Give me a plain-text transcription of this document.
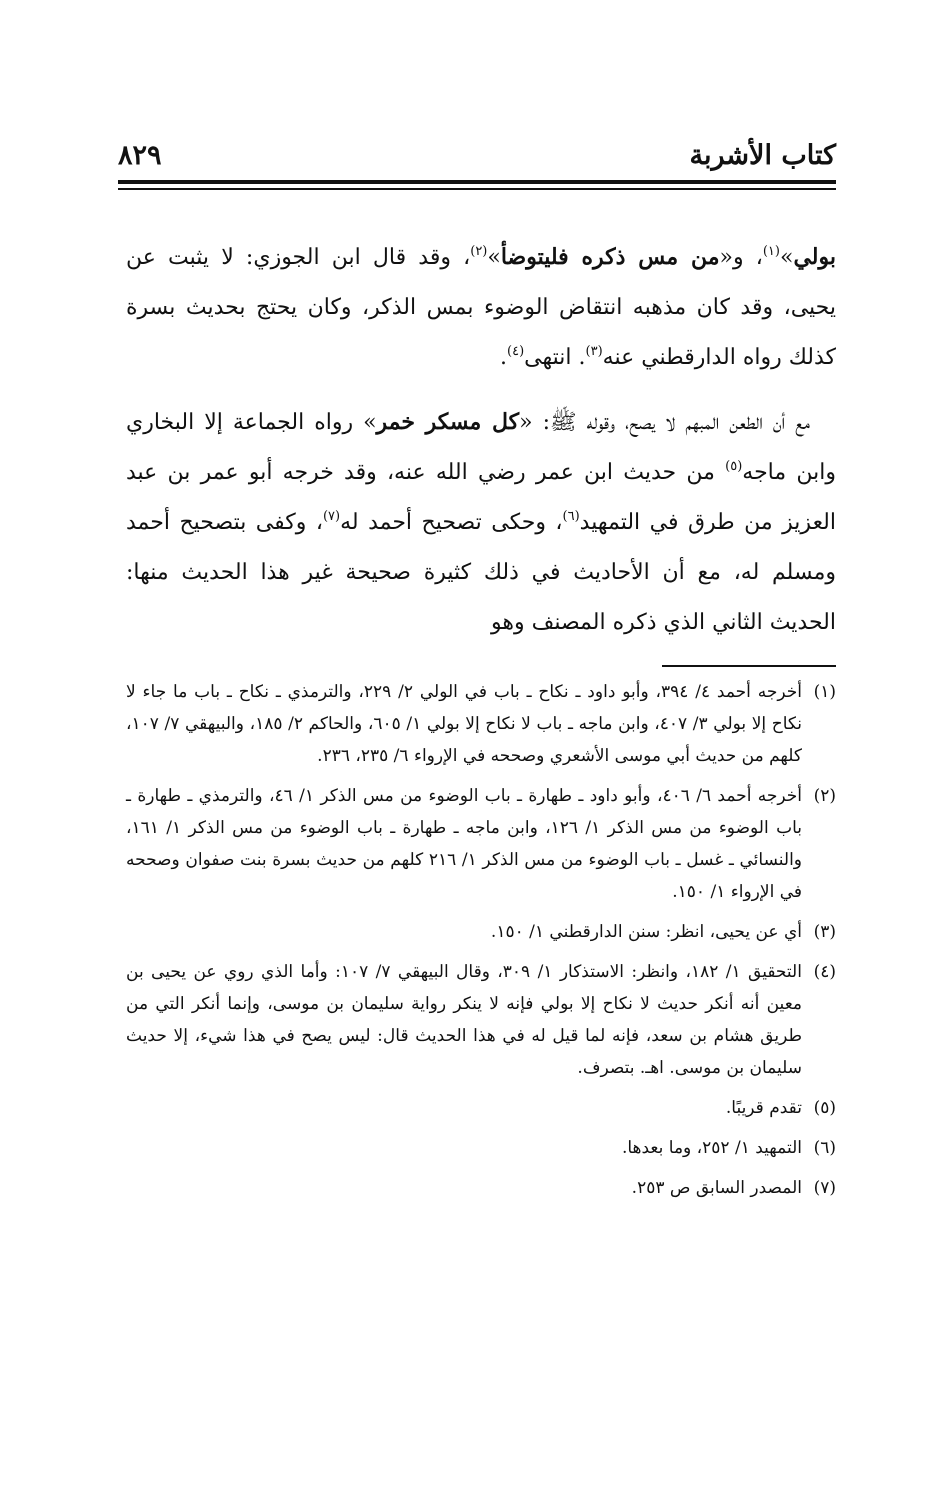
كتاب الأشربة
٨٢٩

بولي»$^{(١)}$، و«من مس ذكره فليتوضأ»$^{(٢)}$، وقد قال ابن الجوزي: لا يثبت عن يحيى، وقد كان مذهبه انتقاض الوضوء بمس الذكر، وكان يحتج بحديث بسرة كذلك رواه الدارقطني عنه$^{(٣)}$. انتهى$^{(٤)}$.

مع أن الطعن المبهم لا يصح، وقوله ﷺ: «كل مسكر خمر» رواه الجماعة إلا البخاري وابن ماجه$^{(٥)}$ من حديث ابن عمر رضي الله عنه، وقد خرجه أبو عمر بن عبد العزيز من طرق في التمهيد$^{(٦)}$، وحكى تصحيح أحمد له$^{(٧)}$، وكفى بتصحيح أحمد ومسلم له، مع أن الأحاديث في ذلك كثيرة صحيحة غير هذا الحديث منها: الحديث الثاني الذي ذكره المصنف وهو

(١)
أخرجه أحمد ٤/ ٣٩٤، وأبو داود ـ نكاح ـ باب في الولي ٢/ ٢٢٩، والترمذي ـ نكاح ـ باب ما جاء لا نكاح إلا بولي ٣/ ٤٠٧، وابن ماجه ـ باب لا نكاح إلا بولي ١/ ٦٠٥، والحاكم ٢/ ١٨٥، والبيهقي ٧/ ١٠٧، كلهم من حديث أبي موسى الأشعري وصححه في الإرواء ٦/ ٢٣٥، ٢٣٦.
(٢)
أخرجه أحمد ٦/ ٤٠٦، وأبو داود ـ طهارة ـ باب الوضوء من مس الذكر ١/ ٤٦، والترمذي ـ طهارة ـ باب الوضوء من مس الذكر ١/ ١٢٦، وابن ماجه ـ طهارة ـ باب الوضوء من مس الذكر ١/ ١٦١، والنسائي ـ غسل ـ باب الوضوء من مس الذكر ١/ ٢١٦ كلهم من حديث بسرة بنت صفوان وصححه في الإرواء ١/ ١٥٠.
(٣)
أي عن يحيى، انظر: سنن الدارقطني ١/ ١٥٠.
(٤)
التحقيق ١/ ١٨٢، وانظر: الاستذكار ١/ ٣٠٩، وقال البيهقي ٧/ ١٠٧: وأما الذي روي عن يحيى بن معين أنه أنكر حديث لا نكاح إلا بولي فإنه لا ينكر رواية سليمان بن موسى، وإنما أنكر التي من طريق هشام بن سعد، فإنه لما قيل له في هذا الحديث قال: ليس يصح في هذا شيء، إلا حديث سليمان بن موسى. اهـ. بتصرف.
(٥)
تقدم قريبًا.
(٦)
التمهيد ١/ ٢٥٢، وما بعدها.
(٧)
المصدر السابق ص ٢٥٣.
